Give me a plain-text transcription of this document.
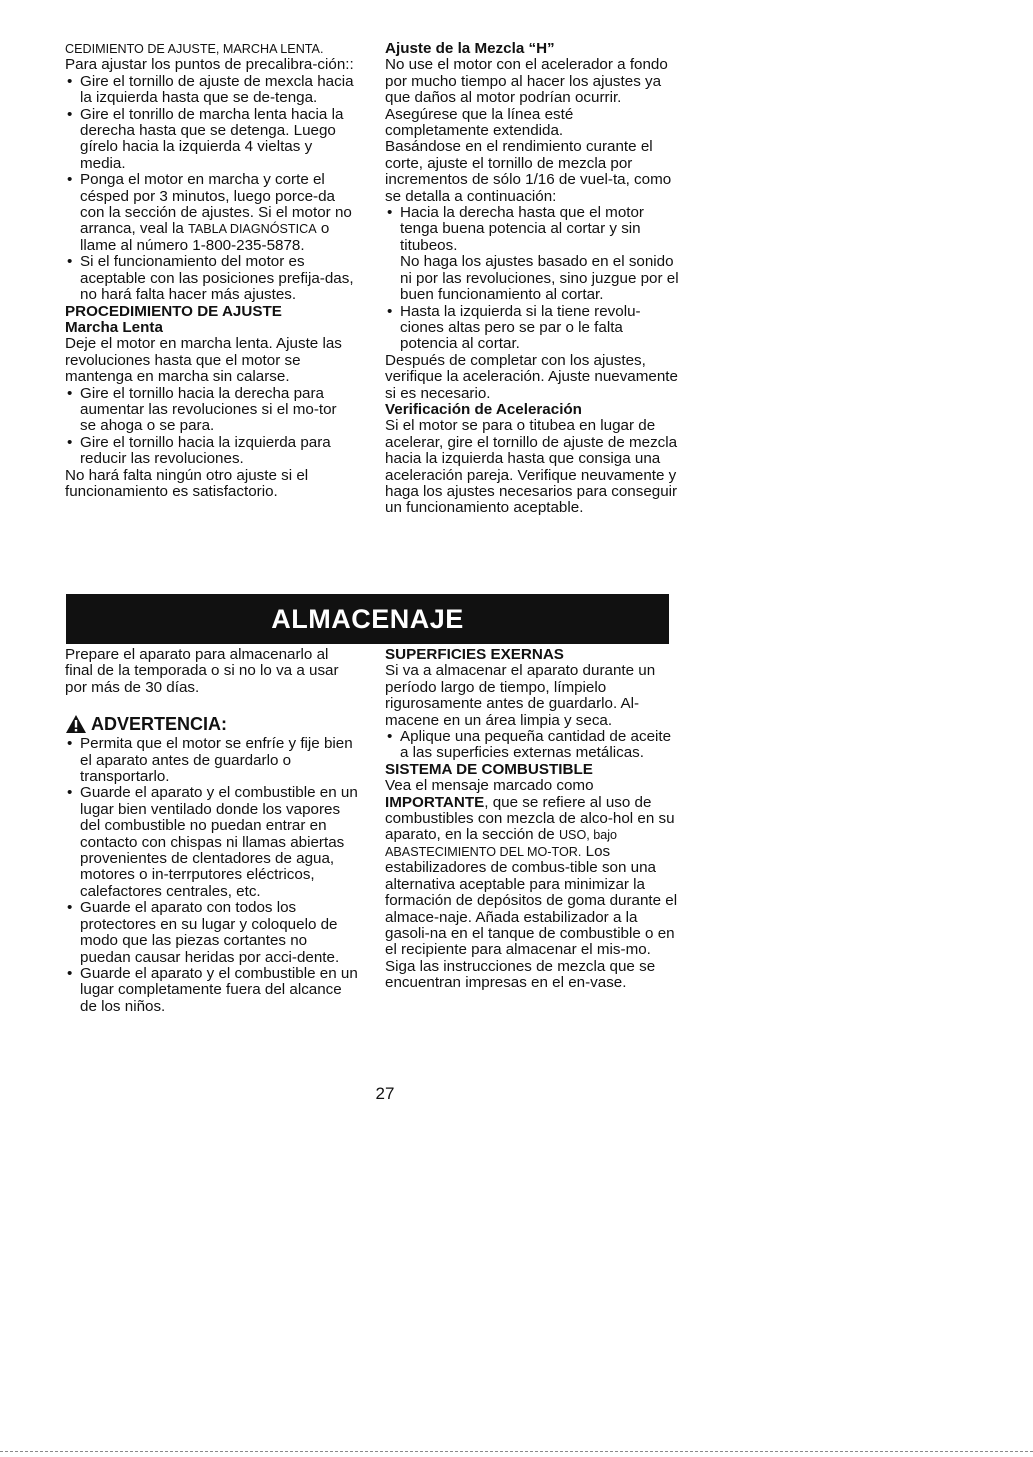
CEDIMIENTO DE AJUSTE, MARCHA LENTA.

Para ajustar los puntos de precalibra-ción::

• Gire el tornillo de ajuste de mexcla hacia la izquierda hasta que se de-tenga.
• Gire el tonrillo de marcha lenta hacia la derecha hasta que se detenga. Luego gírelo hacia la izquierda 4 vieltas y media.
• Ponga el motor en marcha y corte el césped por 3 minutos, luego porce-da con la sección de ajustes. Si el motor no arranca, veal la TABLA DIAGNÓSTICA o llame al número 1-800-235-5878.
• Si el funcionamiento del motor es aceptable con las posiciones prefija-das, no hará falta hacer más ajustes.

PROCEDIMIENTO DE AJUSTE

Marcha Lenta

Deje el motor en marcha lenta. Ajuste las revoluciones hasta que el motor se mantenga en marcha sin calarse.

• Gire el tornillo hacia la derecha para aumentar las revoluciones si el mo-tor se ahoga o se para.
• Gire el tornillo hacia la izquierda para reducir las revoluciones.

No hará falta ningún otro ajuste si el funcionamiento es satisfactorio.

Ajuste de la Mezcla “H”

No use el motor con el acelerador a fondo por mucho tiempo al hacer los ajustes ya que daños al motor podrían ocurrir. Asegúrese que la línea esté completamente extendida.

Basándose en el rendimiento curante el corte, ajuste el tornillo de mezcla por incrementos de sólo 1/16 de vuel-ta, como se detalla a continuación:

• Hacia la derecha hasta que el motor tenga buena potencia al cortar y sin titubeos.

No haga los ajustes basado en el sonido ni por las revoluciones, sino juzgue por el buen funcionamiento al cortar.

• Hasta la izquierda si la tiene revolu-ciones altas pero se par o le falta potencia al cortar.

Después de completar con los ajustes, verifique la aceleración. Ajuste nuevamente si es necesario.

Verificación de Aceleración

Si el motor se para o titubea en lugar de acelerar, gire el tornillo de ajuste de mezcla hacia la izquierda hasta que consiga una aceleración pareja. Verifique neuvamente y haga los ajustes necesarios para conseguir un funcionamiento aceptable.

ALMACENAJE

Prepare el aparato para almacenarlo al final de la temporada o si no lo va a usar por más de 30 días.

ADVERTENCIA:
• Permita que el motor se enfríe y fije bien el aparato antes de guardarlo o transportarlo.
• Guarde el aparato y el combustible en un lugar bien ventilado donde los vapores del combustible no puedan entrar en contacto con chispas ni llamas abiertas provenientes de clentadores de agua, motores o in-terrputores eléctricos, calefactores centrales, etc.
• Guarde el aparato con todos los protectores en su lugar y coloquelo de modo que las piezas cortantes no puedan causar heridas por acci-dente.
• Guarde el aparato y el combustible en un lugar completamente fuera del alcance de los niños.

SUPERFICIES EXERNAS

Si va a almacenar el aparato durante un período largo de tiempo, límpielo rigurosamente antes de guardarlo. Al-macene en un área limpia y seca.

• Aplique una pequeña cantidad de aceite a las superficies externas metálicas.

SISTEMA DE COMBUSTIBLE

Vea el mensaje marcado como IMPORTANTE, que se refiere al uso de combustibles con mezcla de alco-hol en su aparato, en la sección de USO, bajo ABASTECIMIENTO DEL MO-TOR. Los estabilizadores de combus-tible son una alternativa aceptable para minimizar la formación de depósitos de goma durante el almace-naje. Añada estabilizador a la gasoli-na en el tanque de combustible o en el recipiente para almacenar el mis-mo. Siga las instrucciones de mezcla que se encuentran impresas en el en-vase.

27
